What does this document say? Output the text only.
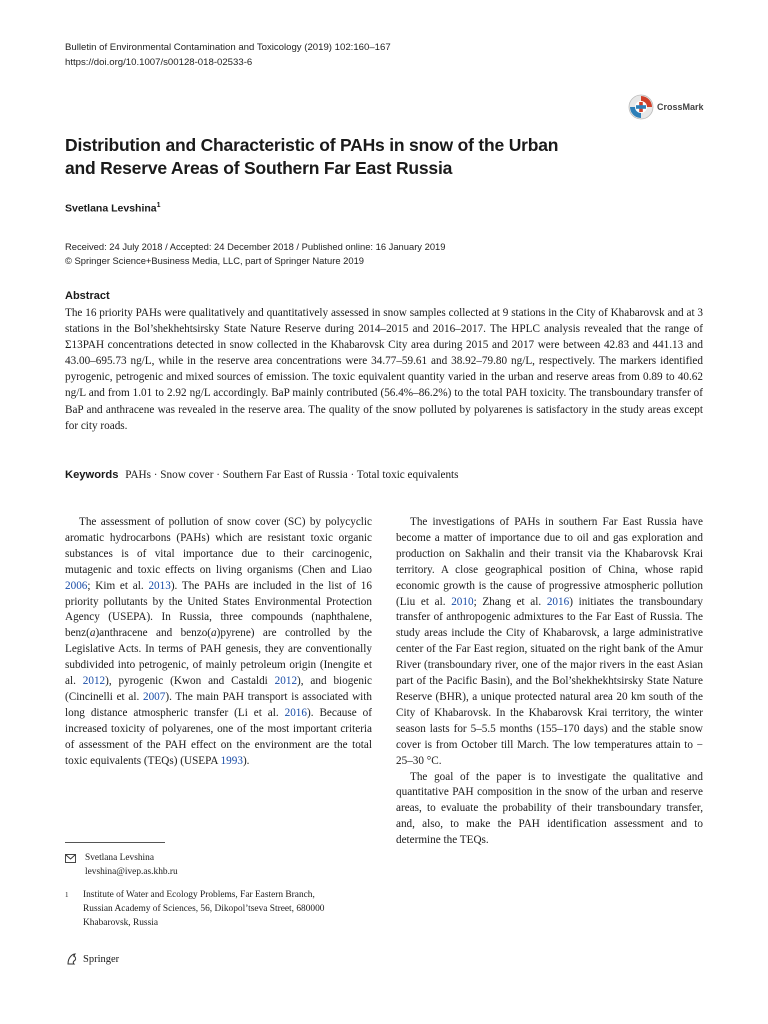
Bulletin of Environmental Contamination and Toxicology (2019) 102:160–167
https://doi.org/10.1007/s00128-018-02533-6
CrossMark
Distribution and Characteristic of PAHs in snow of the Urban
and Reserve Areas of Southern Far East Russia
Svetlana Levshina$^1$
Received: 24 July 2018 / Accepted: 24 December 2018 / Published online: 16 January 2019
© Springer Science+Business Media, LLC, part of Springer Nature 2019
Abstract

The 16 priority PAHs were qualitatively and quantitatively assessed in snow samples collected at 9 stations in the City of Khabarovsk and at 3 stations in the Bol’shekhehtsirsky State Nature Reserve during 2014–2015 and 2016–2017. The HPLC analysis revealed that the range of Σ13PAH concentrations detected in snow collected in the Khabarovsk City area during 2015 and 2017 were between 42.83 and 441.13 and 43.00–695.73 ng/L, while in the reserve area concentrations were 34.77–59.61 and 38.92–79.80 ng/L, respectively. The markers identified pyrogenic, petrogenic and mixed sources of emission. The toxic equivalent quantity varied in the urban and reserve areas from 0.89 to 40.62 ng/L and from 1.01 to 2.92 ng/L accordingly. BaP mainly contributed (56.4%–86.2%) to the total PAH toxicity. The transboundary transfer of BaP and anthracene was revealed in the reserve area. The quality of the snow polluted by polyarenes is satisfactory in the study areas except for city roads.

Keywords PAHs · Snow cover · Southern Far East of Russia · Total toxic equivalents

The assessment of pollution of snow cover (SC) by polycyclic aromatic hydrocarbons (PAHs) which are resistant toxic organic substances is of vital importance due to their carcinogenic, mutagenic and toxic effects on living organisms (Chen and Liao 2006; Kim et al. 2013). The PAHs are included in the list of 16 priority pollutants by the United States Environmental Protection Agency (USEPA). In Russia, three compounds (naphthalene, benz(a)anthracene and benzo(a)pyrene) are controlled by the Legislative Acts. In terms of PAH genesis, they are conventionally subdivided into petrogenic, of mainly petroleum origin (Inengite et al. 2012), pyrogenic (Kwon and Castaldi 2012), and biogenic (Cincinelli et al. 2007). The main PAH transport is associated with long distance atmospheric transfer (Li et al. 2016). Because of increased toxicity of polyarenes, one of the most important criteria of assessment of the PAH effect on the environment are the total toxic equivalents (TEQs) (USEPA 1993).

The investigations of PAHs in southern Far East Russia have become a matter of importance due to oil and gas exploration and production on Sakhalin and their transit via the Khabarovsk Krai territory. A close geographical position of China, whose rapid economic growth is the cause of progressive atmospheric pollution (Liu et al. 2010; Zhang et al. 2016) initiates the transboundary transfer of anthropogenic admixtures to the Far East of Russia. The study areas include the City of Khabarovsk, a large administrative center of the Far East region, situated on the right bank of the Amur River (transboundary river, one of the major rivers in the east Asian part of the Pacific Basin), and the Bol’shekhekhtsirsky State Nature Reserve (BHR), a unique protected natural area 20 km south of the City of Khabarovsk. In the Khabarovsk Krai territory, the winter season lasts for 5–5.5 months (155–170 days) and the stable snow cover is from October till March. The low temperatures attain to − 25–30 °C.

The goal of the paper is to investigate the qualitative and quantitative PAH composition in the snow of the urban and reserve areas, to evaluate the probability of their transboundary transfer, and, also, to make the PAH identification assessment and to determine the TEQs.

Svetlana Levshina
levshina@ivep.as.khb.ru
1	Institute of Water and Ecology Problems, Far Eastern Branch, Russian Academy of Sciences, 56, Dikopol’tseva Street, 680000 Khabarovsk, Russia
Springer
